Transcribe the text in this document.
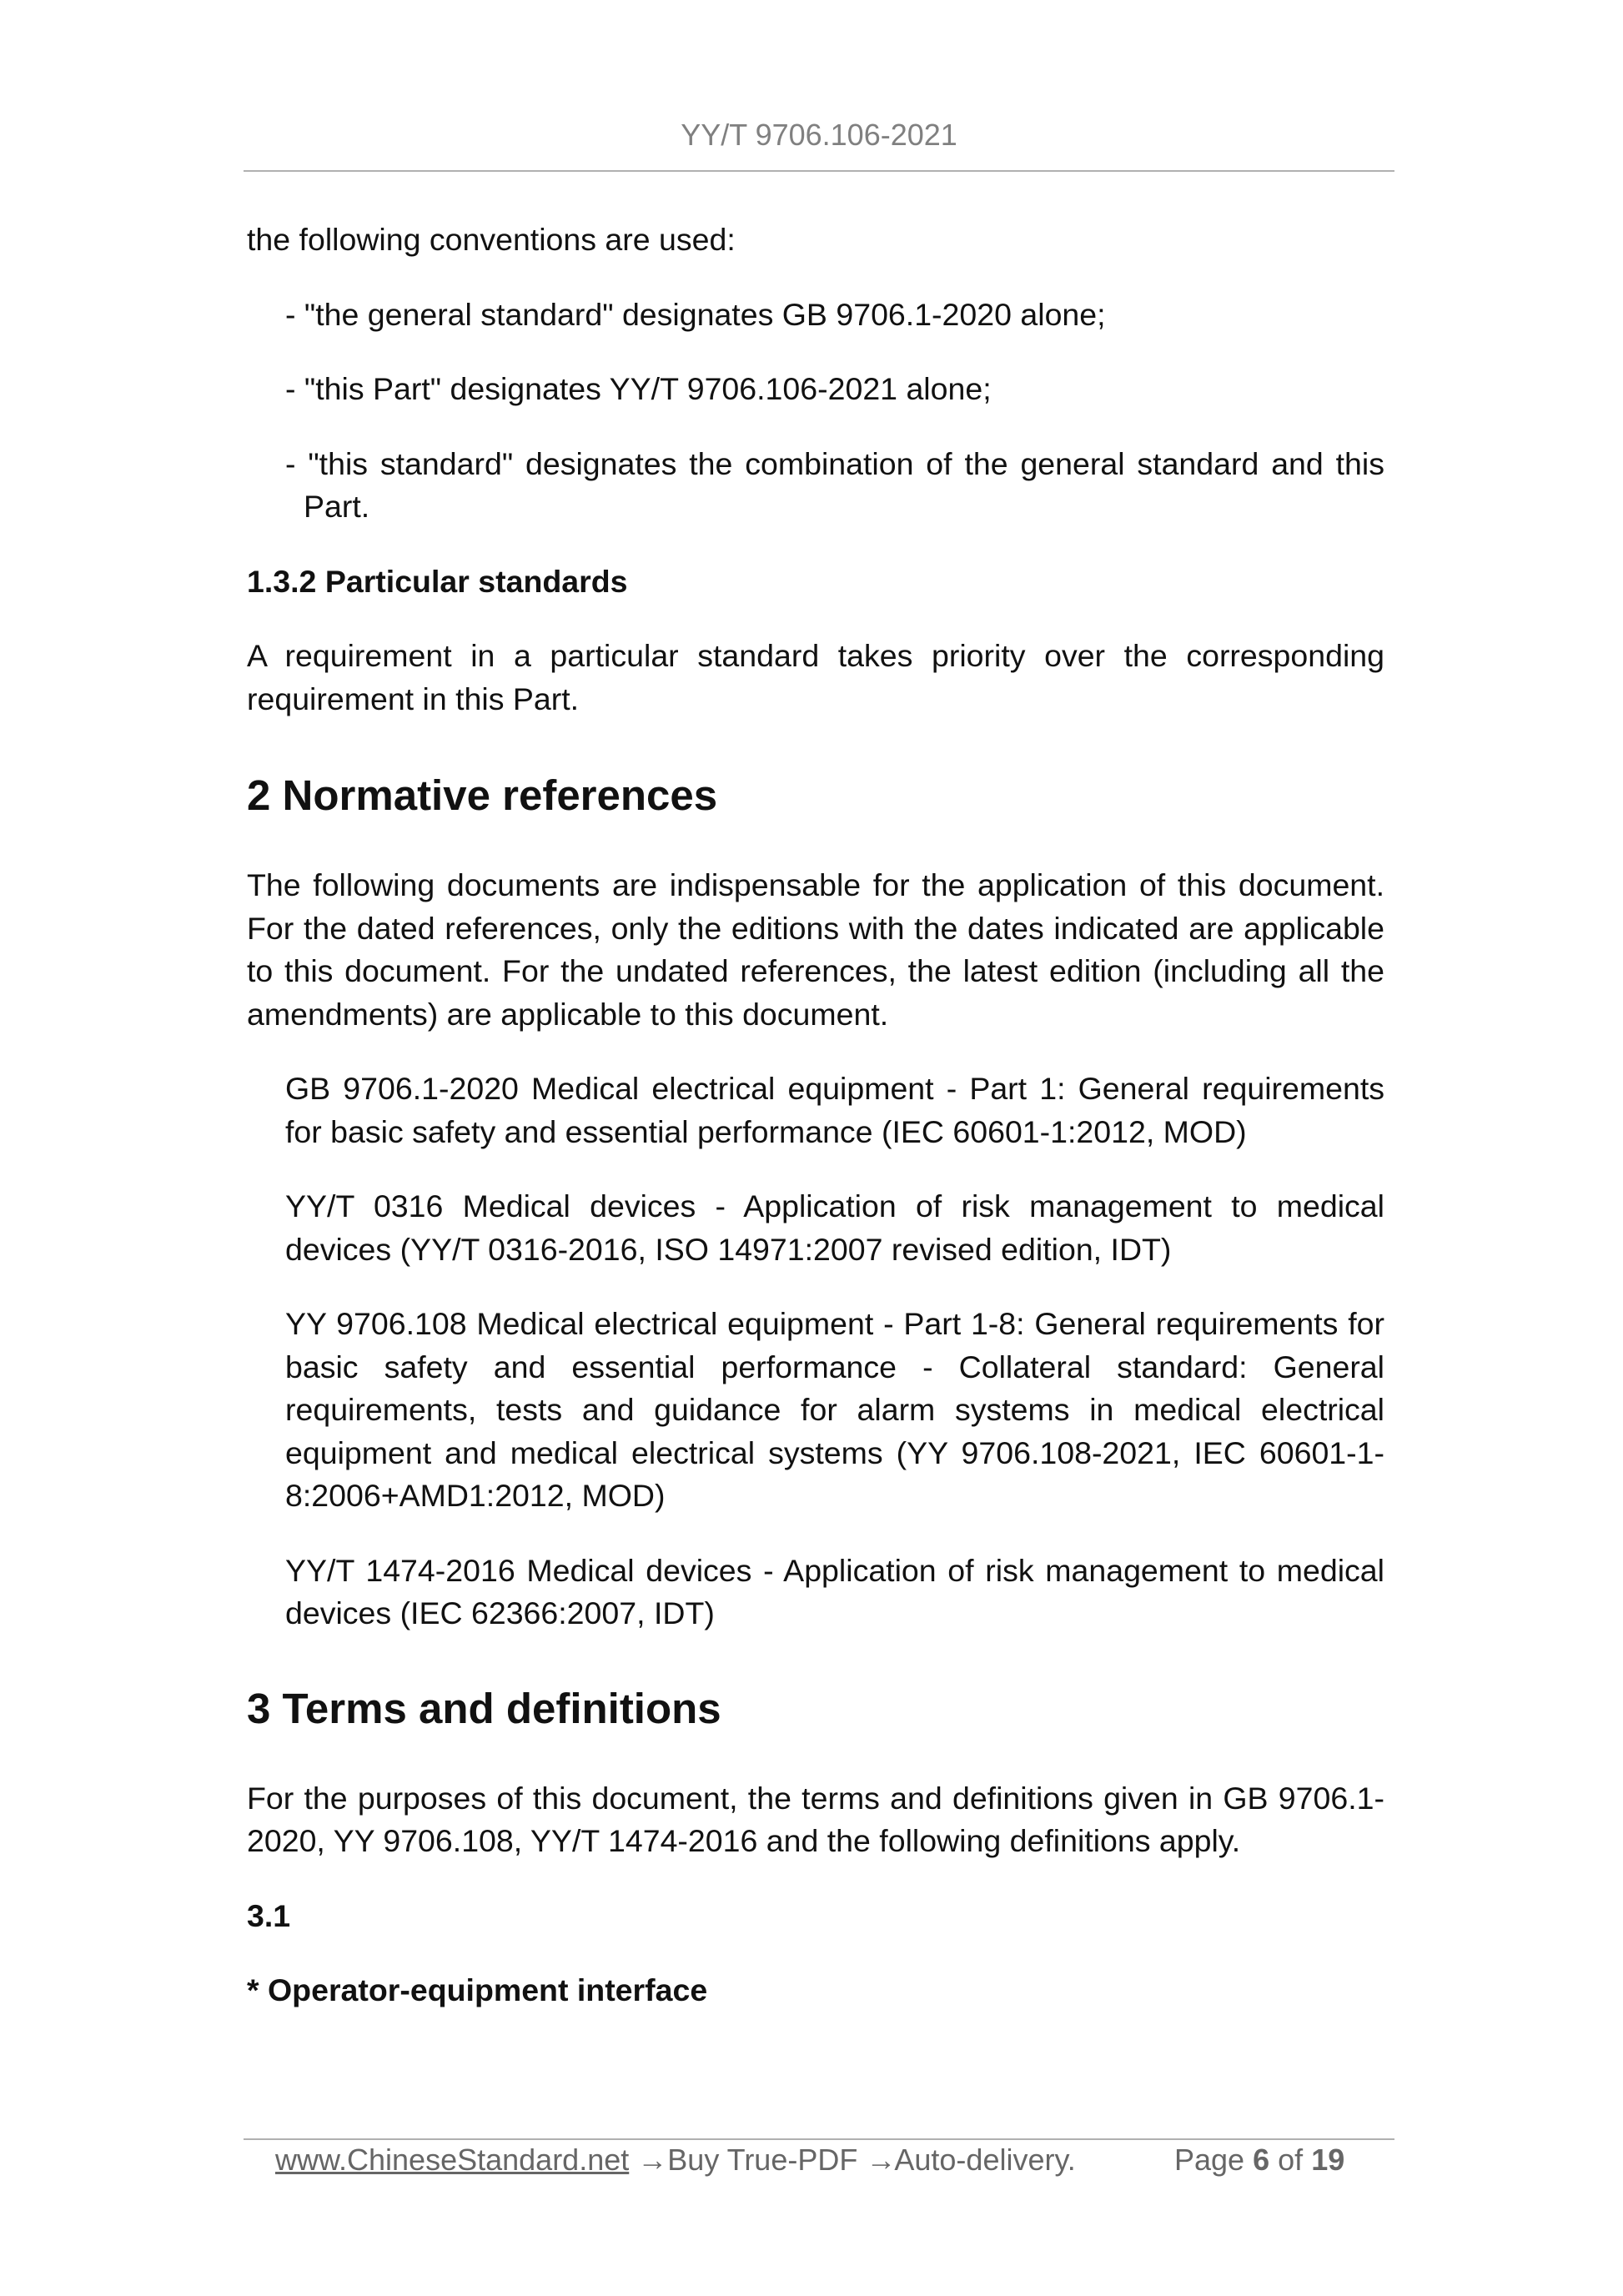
YY/T 9706.106-2021

the following conventions are used:

- "the general standard" designates GB 9706.1-2020 alone;

- "this Part" designates YY/T 9706.106-2021 alone;

- "this standard" designates the combination of the general standard and this Part.

1.3.2 Particular standards

A requirement in a particular standard takes priority over the corresponding requirement in this Part.

2 Normative references

The following documents are indispensable for the application of this document. For the dated references, only the editions with the dates indicated are applicable to this document. For the undated references, the latest edition (including all the amendments) are applicable to this document.

GB 9706.1-2020 Medical electrical equipment - Part 1: General requirements for basic safety and essential performance (IEC 60601-1:2012, MOD)

YY/T 0316 Medical devices - Application of risk management to medical devices (YY/T 0316-2016, ISO 14971:2007 revised edition, IDT)

YY 9706.108 Medical electrical equipment - Part 1-8: General requirements for basic safety and essential performance - Collateral standard: General requirements, tests and guidance for alarm systems in medical electrical equipment and medical electrical systems (YY 9706.108-2021, IEC 60601-1-8:2006+AMD1:2012, MOD)

YY/T 1474-2016 Medical devices - Application of risk management to medical devices (IEC 62366:2007, IDT)

3 Terms and definitions

For the purposes of this document, the terms and definitions given in GB 9706.1-2020, YY 9706.108, YY/T 1474-2016 and the following definitions apply.

3.1

* Operator-equipment interface

www.ChineseStandard.net → Buy True-PDF → Auto-delivery.	Page 6 of 19
